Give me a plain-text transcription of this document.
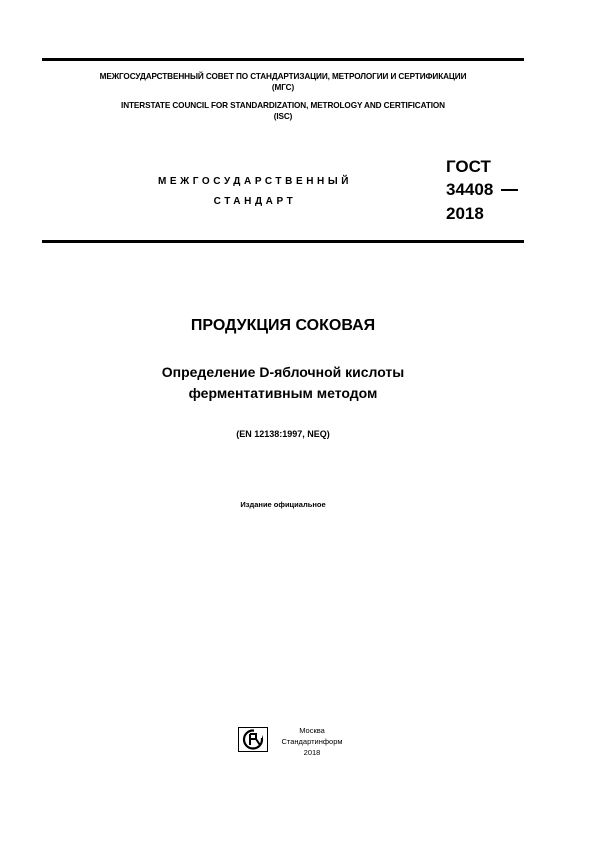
МЕЖГОСУДАРСТВЕННЫЙ СОВЕТ ПО СТАНДАРТИЗАЦИИ, МЕТРОЛОГИИ И СЕРТИФИКАЦИИ
(МГС)
INTERSTATE COUNCIL FOR STANDARDIZATION, METROLOGY AND CERTIFICATION
(ISC)
МЕЖГОСУДАРСТВЕННЫЙ
СТАНДАРТ
ГОСТ
34408
2018
ПРОДУКЦИЯ СОКОВАЯ
Определение D-яблочной кислоты
ферментативным методом
(EN 12138:1997, NEQ)
Издание официальное
Москва
Стандартинформ
2018
